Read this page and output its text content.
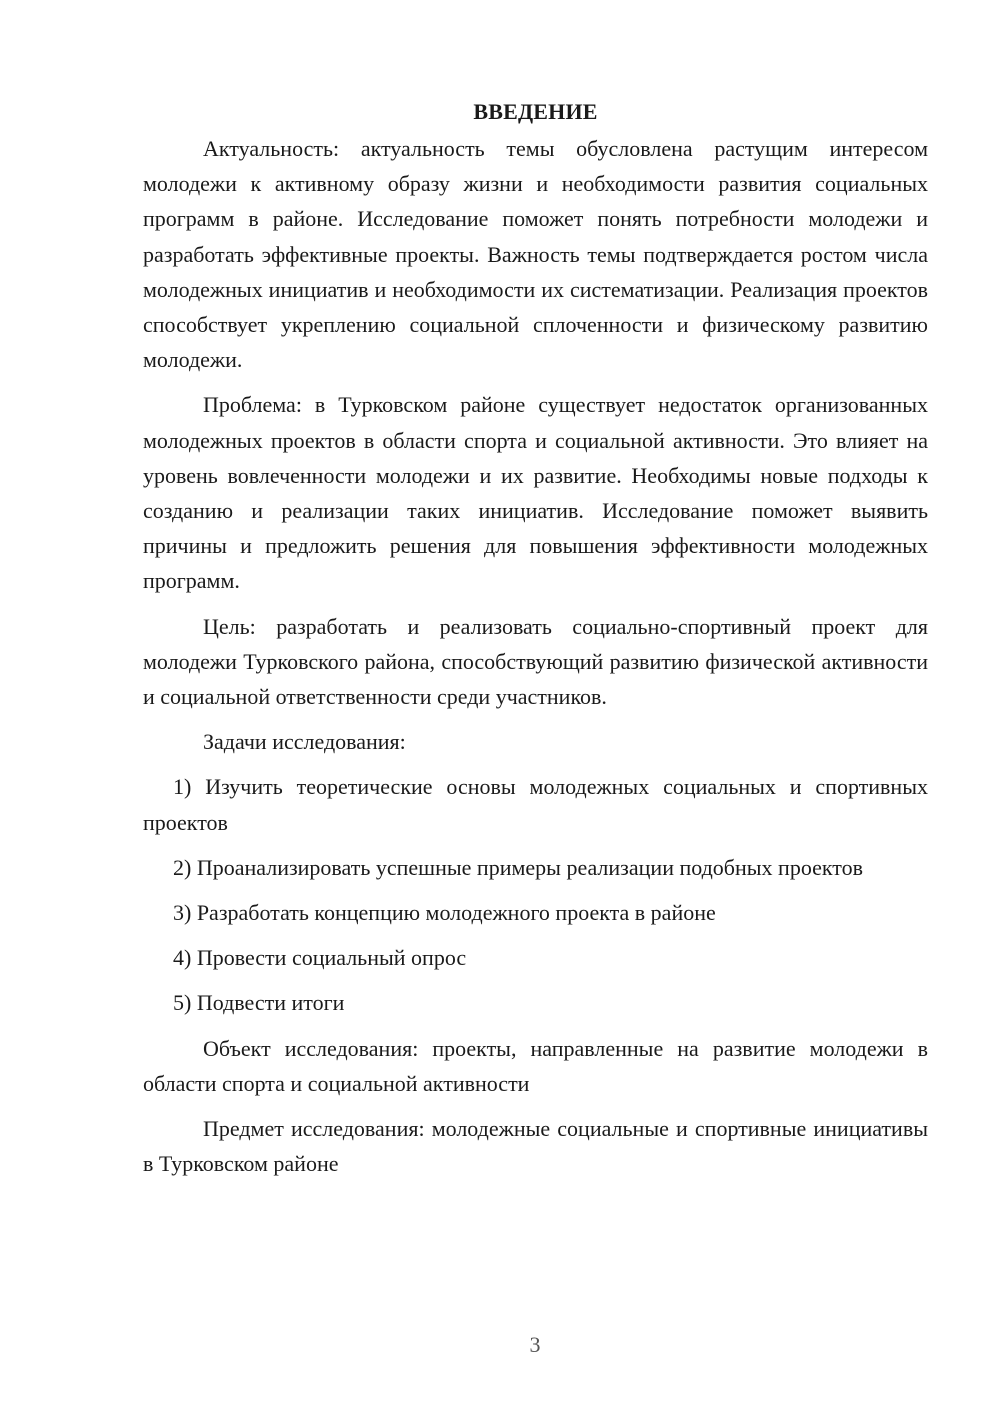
ВВЕДЕНИЕ

Актуальность: актуальность темы обусловлена растущим интересом молодежи к активному образу жизни и необходимости развития социальных программ в районе. Исследование поможет понять потребности молодежи и разработать эффективные проекты. Важность темы подтверждается ростом числа молодежных инициатив и необходимости их систематизации. Реализация проектов способствует укреплению социальной сплоченности и физическому развитию молодежи.

Проблема: в Турковском районе существует недостаток организованных молодежных проектов в области спорта и социальной активности. Это влияет на уровень вовлеченности молодежи и их развитие. Необходимы новые подходы к созданию и реализации таких инициатив. Исследование поможет выявить причины и предложить решения для повышения эффективности молодежных программ.

Цель: разработать и реализовать социально-спортивный проект для молодежи Турковского района, способствующий развитию физической активности и социальной ответственности среди участников.

Задачи исследования:

1) Изучить теоретические основы молодежных социальных и спортивных проектов

2) Проанализировать успешные примеры реализации подобных проектов

3) Разработать концепцию молодежного проекта в районе

4) Провести социальный опрос

5) Подвести итоги

Объект исследования: проекты, направленные на развитие молодежи в области спорта и социальной активности

Предмет исследования: молодежные социальные и спортивные инициативы в Турковском районе

3
